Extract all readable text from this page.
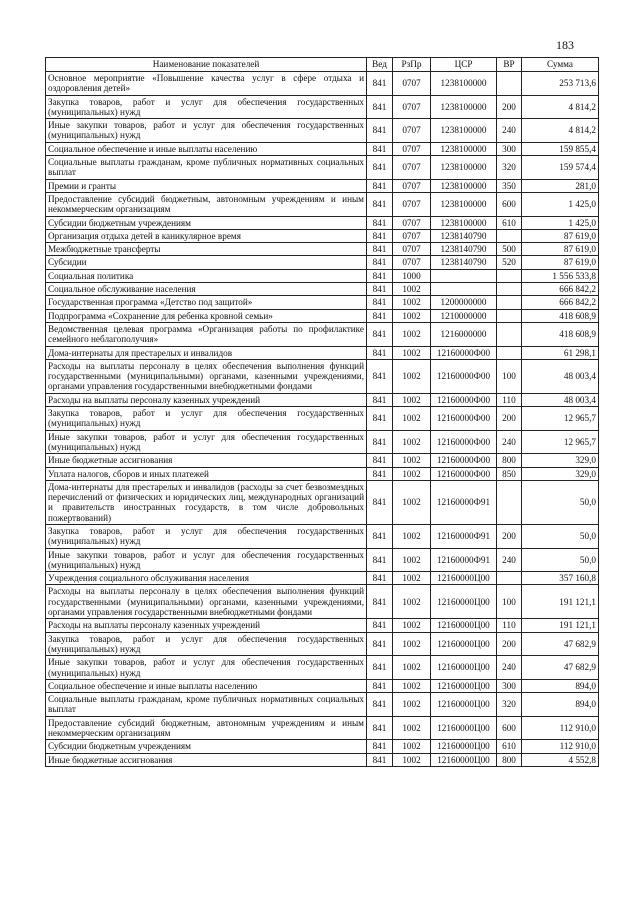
183
Наименование показателей	Вед	РзПр	ЦСР	ВР	Сумма
Основное мероприятие «Повышение качества услуг в сфере отдыха и оздоровления детей»	841	0707	1238100000		253 713,6
Закупка товаров, работ и услуг для обеспечения государственных (муниципальных) нужд	841	0707	1238100000	200	4 814,2
Иные закупки товаров, работ и услуг для обеспечения государственных (муниципальных) нужд	841	0707	1238100000	240	4 814,2
Социальное обеспечение и иные выплаты населению	841	0707	1238100000	300	159 855,4
Социальные выплаты гражданам, кроме публичных нормативных социальных выплат	841	0707	1238100000	320	159 574,4
Премии и гранты	841	0707	1238100000	350	281,0
Предоставление субсидий бюджетным, автономным учреждениям и иным некоммерческим организациям	841	0707	1238100000	600	1 425,0
Субсидии бюджетным учреждениям	841	0707	1238100000	610	1 425,0
Организация отдыха детей в каникулярное время	841	0707	1238140790		87 619,0
Межбюджетные трансферты	841	0707	1238140790	500	87 619,0
Субсидии	841	0707	1238140790	520	87 619,0
Социальная политика	841	1000			1 556 533,8
Социальное обслуживание населения	841	1002			666 842,2
Государственная программа «Детство под защитой»	841	1002	1200000000		666 842,2
Подпрограмма «Сохранение для ребенка кровной семьи»	841	1002	1210000000		418 608,9
Ведомственная целевая программа «Организация работы по профилактике семейного неблагополучия»	841	1002	1216000000		418 608,9
Дома-интернаты для престарелых и инвалидов	841	1002	12160000Ф00		61 298,1
Расходы на выплаты персоналу в целях обеспечения выполнения функций государственными (муниципальными) органами, казенными учреждениями, органами управления государственными внебюджетными фондами	841	1002	12160000Ф00	100	48 003,4
Расходы на выплаты персоналу казенных учреждений	841	1002	12160000Ф00	110	48 003,4
Закупка товаров, работ и услуг для обеспечения государственных (муниципальных) нужд	841	1002	12160000Ф00	200	12 965,7
Иные закупки товаров, работ и услуг для обеспечения государственных (муниципальных) нужд	841	1002	12160000Ф00	240	12 965,7
Иные бюджетные ассигнования	841	1002	12160000Ф00	800	329,0
Уплата налогов, сборов и иных платежей	841	1002	12160000Ф00	850	329,0
Дома-интернаты для престарелых и инвалидов (расходы за счет безвозмездных перечислений от физических и юридических лиц, международных организаций и правительств иностранных государств, в том числе добровольных пожертвований)	841	1002	12160000Ф91		50,0
Закупка товаров, работ и услуг для обеспечения государственных (муниципальных) нужд	841	1002	12160000Ф91	200	50,0
Иные закупки товаров, работ и услуг для обеспечения государственных (муниципальных) нужд	841	1002	12160000Ф91	240	50,0
Учреждения социального обслуживания населения	841	1002	12160000Ц00		357 160,8
Расходы на выплаты персоналу в целях обеспечения выполнения функций государственными (муниципальными) органами, казенными учреждениями, органами управления государственными внебюджетными фондами	841	1002	12160000Ц00	100	191 121,1
Расходы на выплаты персоналу казенных учреждений	841	1002	12160000Ц00	110	191 121,1
Закупка товаров, работ и услуг для обеспечения государственных (муниципальных) нужд	841	1002	12160000Ц00	200	47 682,9
Иные закупки товаров, работ и услуг для обеспечения государственных (муниципальных) нужд	841	1002	12160000Ц00	240	47 682,9
Социальное обеспечение и иные выплаты населению	841	1002	12160000Ц00	300	894,0
Социальные выплаты гражданам, кроме публичных нормативных социальных выплат	841	1002	12160000Ц00	320	894,0
Предоставление субсидий бюджетным, автономным учреждениям и иным некоммерческим организациям	841	1002	12160000Ц00	600	112 910,0
Субсидии бюджетным учреждениям	841	1002	12160000Ц00	610	112 910,0
Иные бюджетные ассигнования	841	1002	12160000Ц00	800	4 552,8
